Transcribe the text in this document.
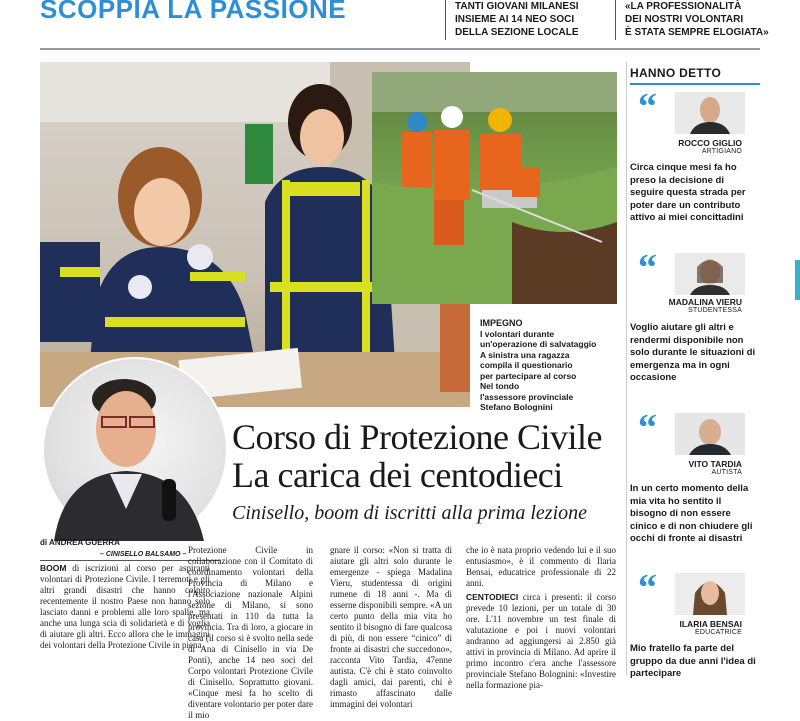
SCOPPIA LA PASSIONE	TANTI GIOVANI MILANESI
INSIEME AI 14 NEO SOCI
DELLA SEZIONE LOCALE
«LA PROFESSIONALITÀ
DEI NOSTRI VOLONTARI
È STATA SEMPRE ELOGIATA»
IMPEGNO
I volontari durante
un'operazione di salvataggio
A sinistra una ragazza
compila il questionario
per partecipare al corso
Nel tondo
l'assessore provinciale
Stefano Bolognini
Corso di Protezione Civile
La carica dei centodieci
Cinisello, boom di iscritti alla prima lezione
di ANDREA GUERRA
– CINISELLO BALSAMO –
BOOM di iscrizioni al corso per aspiranti volontari di Protezione Civile. I terremoti e gli altri grandi disastri che hanno colpito recentemente il nostro Paese non hanno solo lasciato danni e problemi alle loro spalle, ma anche una lunga scia di solidarietà e di voglia di aiutare gli altri. Ecco allora che le immagini dei volontari della Protezione Civile in piena
Protezione Civile in collaborazione con il Comitato di coordinamento volontari della Provincia di Milano e l'Associazione nazionale Alpini sezione di Milano, si sono presentati in 110 da tutta la provincia. Tra di loro, a giocare in casa (il corso si è svolto nella sede di Ana di Cinisello in via De Ponti), anche 14 neo soci del Corpo volontari Protezione Civile di Cinisello. Soprattutto giovani. «Cinque mesi fa ho scelto di diventare volontario per poter dare il mio
gnare il corso: «Non si tratta di aiutare gli altri solo durante le emergenze - spiega Madalina Vieru, studentessa di origini rumene di 18 anni -. Ma di esserne disponibili sempre. «A un certo punto della mia vita ho sentito il bisogno di fare qualcosa di più, di non essere “cinico” di fronte ai disastri che succedono», racconta Vito Tardia, 47enne autista. C'è chi è stato coinvolto dagli amici, dai parenti, chi è rimasto affascinato dalle immagini dei volontari
che io è nata proprio vedendo lui e il suo entusiasmo», è il commento di Ilaria Bensai, educatrice professionale di 22 anni.
CENTODIECI circa i presenti: il corso prevede 10 lezioni, per un totale di 30 ore. L'11 novembre un test finale di valutazione e poi i nuovi volontari andranno ad aggiungersi ai 2.850 già attivi in provincia di Milano. Ad aprire il primo incontro c'era anche l'assessore provinciale Stefano Bolognini: «Investire nella formazione pia-
HANNO DETTO
“
ROCCO GIGLIO
ARTIGIANO
Circa cinque mesi fa ho preso la decisione di seguire questa strada per poter dare un contributo attivo ai miei concittadini
“
MADALINA VIERU
STUDENTESSA
Voglio aiutare gli altri e rendermi disponibile non solo durante le situazioni di emergenza ma in ogni occasione
“
VITO TARDIA
AUTISTA
In un certo momento della mia vita ho sentito il bisogno di non essere cinico e di non chiudere gli occhi di fronte ai disastri
“
ILARIA BENSAI
EDUCATRICE
Mio fratello fa parte del gruppo da due anni l'idea di partecipare
